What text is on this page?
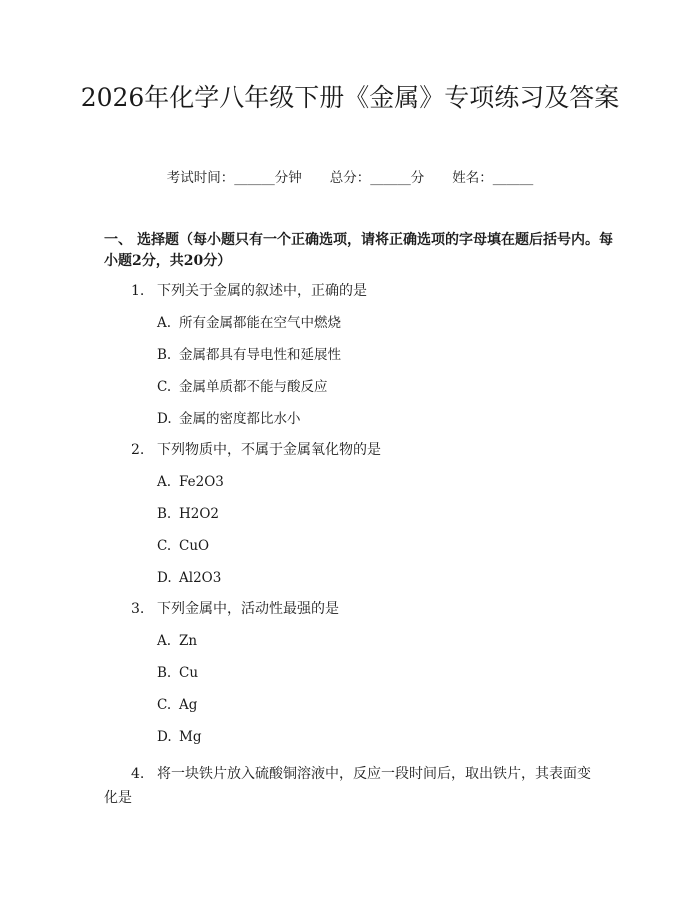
2026年化学八年级下册《金属》专项练习及答案
考试时间：______分钟 总分：______分 姓名：______
一、 选择题（每小题只有一个正确选项，请将正确选项的字母填在题后括号内。每小题2分，共20分）
1. 下列关于金属的叙述中，正确的是
A. 所有金属都能在空气中燃烧
B. 金属都具有导电性和延展性
C. 金属单质都不能与酸反应
D. 金属的密度都比水小
2. 下列物质中，不属于金属氧化物的是
A. Fe2O3
B. H2O2
C. CuO
D. Al2O3
3. 下列金属中，活动性最强的是
A. Zn
B. Cu
C. Ag
D. Mg
4. 将一块铁片放入硫酸铜溶液中，反应一段时间后，取出铁片，其表面变化是
